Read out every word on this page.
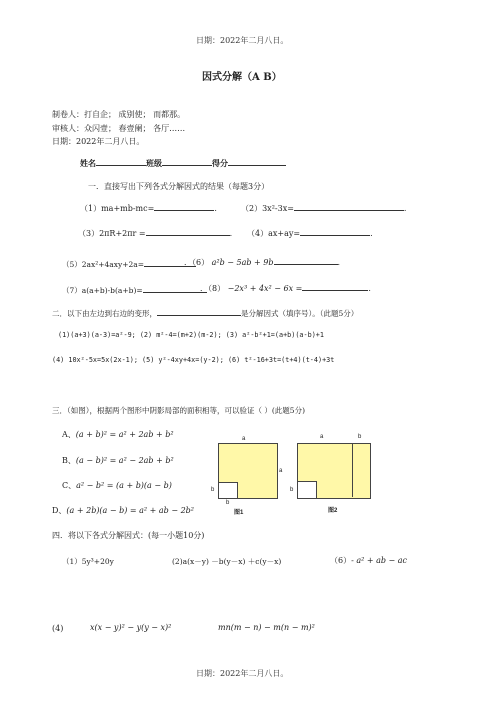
日期：2022年二月八日。
因式分解（A B）
制卷人：打自企； 成别使； 而都那。
审核人：众闪壹； 春壹阑； 各厅……
日期：2022年二月八日。
姓名	班级	得分
一．直接写出下列各式分解因式的结果（每题3分）
（1）ma+mb-mc=	.	（2）3x²-3x=	.
（3）2πR+2πr =	. （4）ax+ay=	.
（5）2ax²+4axy+2a=	．（6） a²b − 5ab + 9b	.
（7）a(a+b)-b(a+b)=	．（8） −2x³ + 4x² − 6x =	.
二．以下由左边到右边的变形，	是分解因式（填序号）。（此题5分）
(1)(a+3)(a-3)=a²-9; (2) m²-4=(m+2)(m-2); (3) a²-b²+1=(a+b)(a-b)+1
(4) 10x²-5x=5x(2x-1); (5) y²-4xy+4x=(y-2); (6) t²-16+3t=(t+4)(t-4)+3t
三．（如图），根据两个图形中阴影局部的面积相等，可以验证（ ）(此题5分)
A、(a + b)² = a² + 2ab + b²
B、(a − b)² = a² − 2ab + b²
C、a² − b² = (a + b)(a − b)
D、(a + 2b)(a − b) = a² + ab − 2b²
a
b
b
图1
a
a	b
b
图2
四．将以下各式分解因式：(每一小题10分)
（1）5y³+20y	(2)a(x－y) －b(y－x) ＋c(y－x)	（6）- a² + ab − ac
(4)	x(x − y)² − y(y − x)²	mn(m − n) − m(n − m)²
日期：2022年二月八日。
